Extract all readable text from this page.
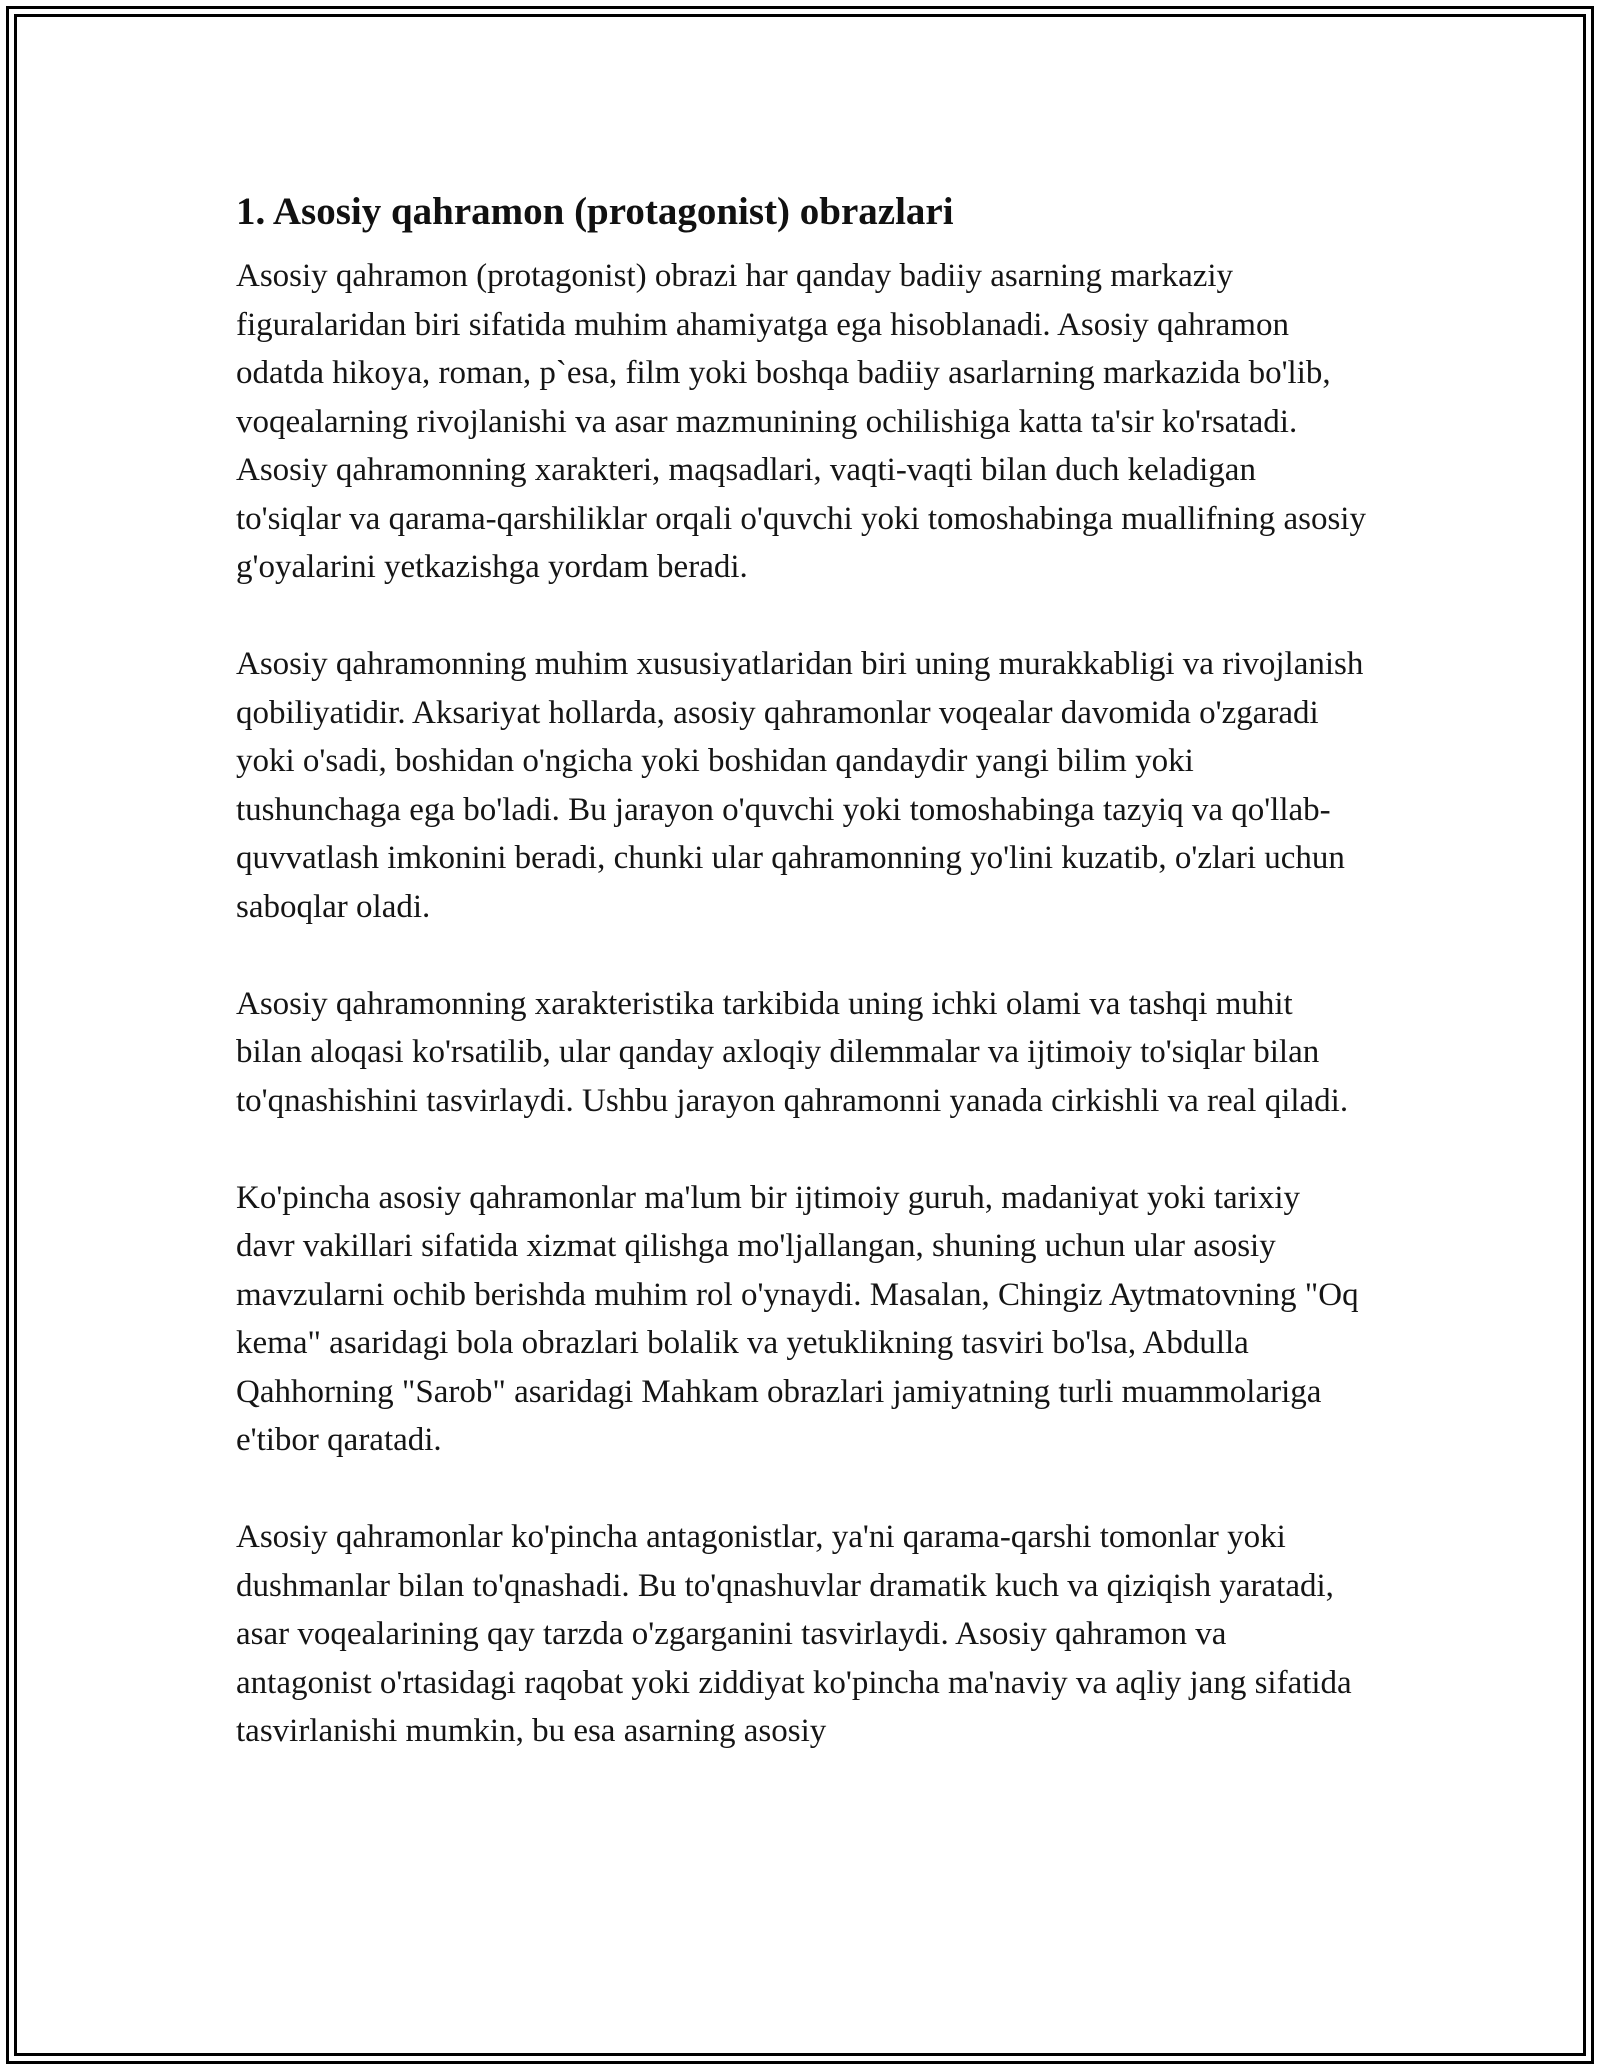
1. Asosiy qahramon (protagonist) obrazlari

Asosiy qahramon (protagonist) obrazi har qanday badiiy asarning markaziy figuralaridan biri sifatida muhim ahamiyatga ega hisoblanadi. Asosiy qahramon odatda hikoya, roman, p`esa, film yoki boshqa badiiy asarlarning markazida bo'lib, voqealarning rivojlanishi va asar mazmunining ochilishiga katta ta'sir ko'rsatadi. Asosiy qahramonning xarakteri, maqsadlari, vaqti-vaqti bilan duch keladigan to'siqlar va qarama-qarshiliklar orqali o'quvchi yoki tomoshabinga muallifning asosiy g'oyalarini yetkazishga yordam beradi.

Asosiy qahramonning muhim xususiyatlaridan biri uning murakkabligi va rivojlanish qobiliyatidir. Aksariyat hollarda, asosiy qahramonlar voqealar davomida o'zgaradi yoki o'sadi, boshidan o'ngicha yoki boshidan qandaydir yangi bilim yoki tushunchaga ega bo'ladi. Bu jarayon o'quvchi yoki tomoshabinga tazyiq va qo'llab-quvvatlash imkonini beradi, chunki ular qahramonning yo'lini kuzatib, o'zlari uchun saboqlar oladi.

Asosiy qahramonning xarakteristika tarkibida uning ichki olami va tashqi muhit bilan aloqasi ko'rsatilib, ular qanday axloqiy dilemmalar va ijtimoiy to'siqlar bilan to'qnashishini tasvirlaydi. Ushbu jarayon qahramonni yanada cirkishli va real qiladi.

Ko'pincha asosiy qahramonlar ma'lum bir ijtimoiy guruh, madaniyat yoki tarixiy davr vakillari sifatida xizmat qilishga mo'ljallangan, shuning uchun ular asosiy mavzularni ochib berishda muhim rol o'ynaydi. Masalan, Chingiz Aytmatovning "Oq kema" asaridagi bola obrazlari bolalik va yetuklikning tasviri bo'lsa, Abdulla Qahhorning "Sarob" asaridagi Mahkam obrazlari jamiyatning turli muammolariga e'tibor qaratadi.

Asosiy qahramonlar ko'pincha antagonistlar, ya'ni qarama-qarshi tomonlar yoki dushmanlar bilan to'qnashadi. Bu to'qnashuvlar dramatik kuch va qiziqish yaratadi, asar voqealarining qay tarzda o'zgarganini tasvirlaydi. Asosiy qahramon va antagonist o'rtasidagi raqobat yoki ziddiyat ko'pincha ma'naviy va aqliy jang sifatida tasvirlanishi mumkin, bu esa asarning asosiy
